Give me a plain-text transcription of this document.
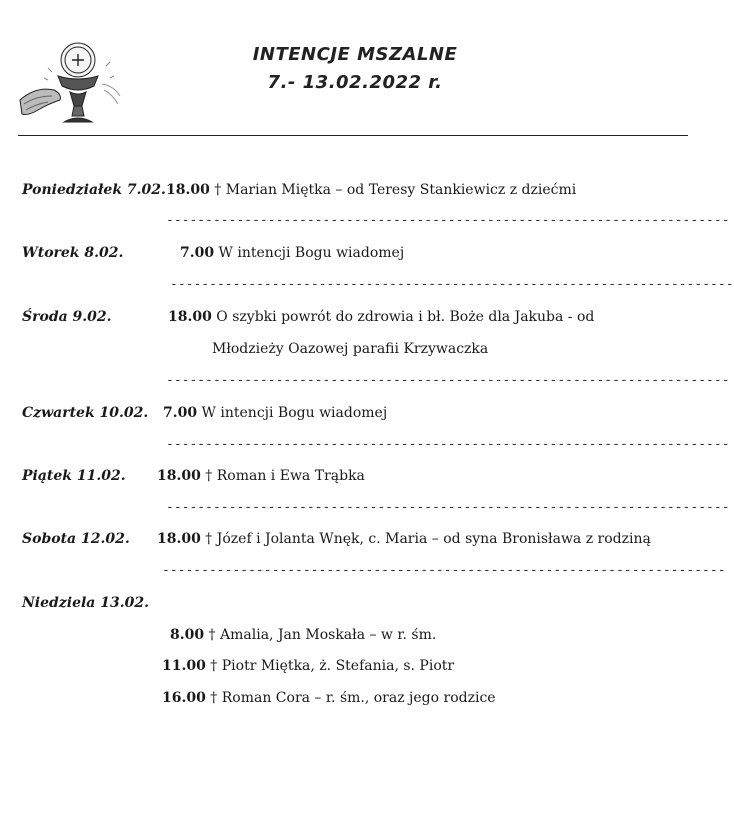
INTENCJE MSZALNE
7.- 13.02.2022 r.
Poniedziałek 7.02. 18.00 † Marian Miętka – od Teresy Stankiewicz z dziećmi
------------------------------------------------------------------------
Wtorek 8.02.	7.00 W intencji Bogu wiadomej
------------------------------------------------------------------------
Środa 9.02.	18.00 O szybki powrót do zdrowia i bł. Boże dla Jakuba - od
Młodzieży Oazowej parafii Krzywaczka
------------------------------------------------------------------------
Czwartek 10.02. 7.00 W intencji Bogu wiadomej
------------------------------------------------------------------------
Piątek 11.02. 18.00 † Roman i Ewa Trąbka
------------------------------------------------------------------------
Sobota 12.02. 18.00 † Józef i Jolanta Wnęk, c. Maria – od syna Bronisława z rodziną
------------------------------------------------------------------------
Niedziela 13.02.
8.00 † Amalia, Jan Moskała – w r. śm.
11.00 † Piotr Miętka, ż. Stefania, s. Piotr
16.00 † Roman Cora – r. śm., oraz jego rodzice
